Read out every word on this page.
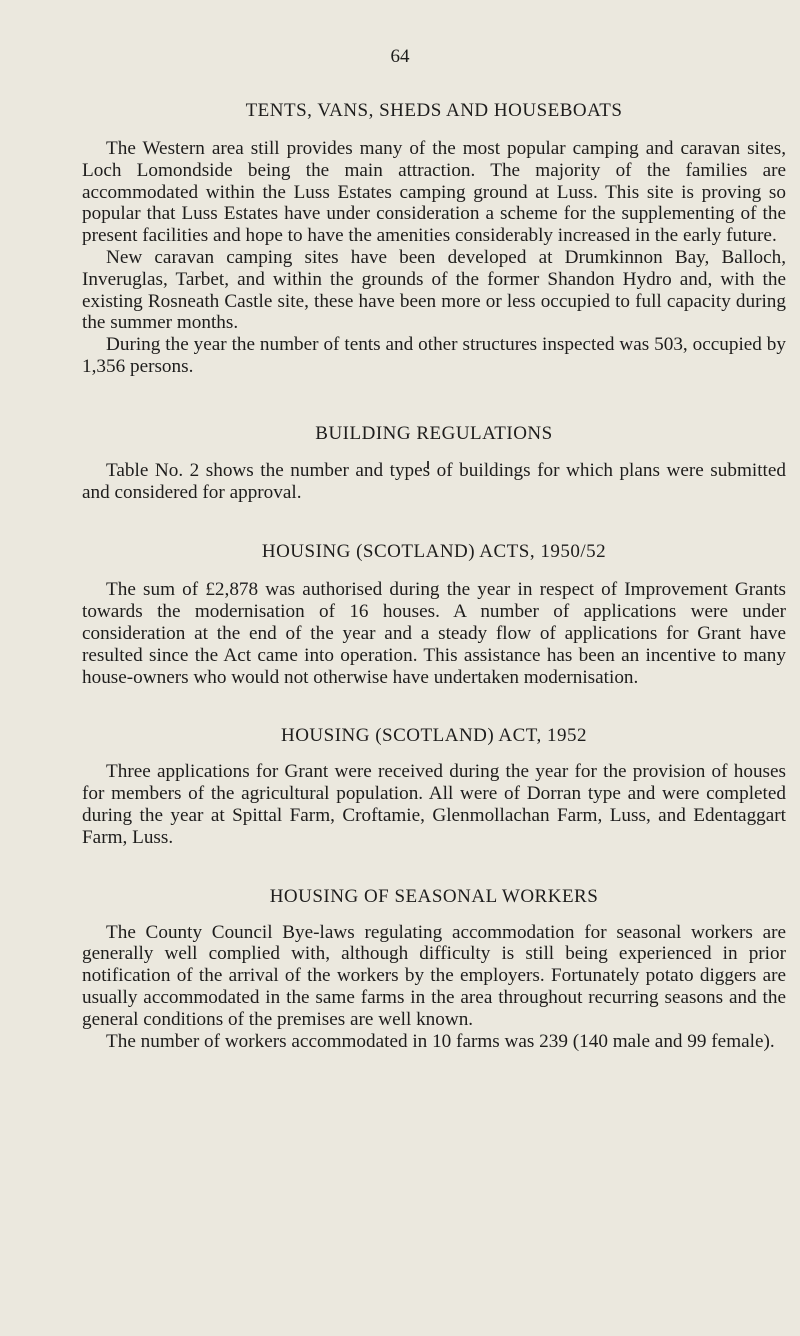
64
TENTS, VANS, SHEDS AND HOUSEBOATS

The Western area still provides many of the most popular camping and caravan sites, Loch Lomondside being the main attraction. The majority of the families are accommodated within the Luss Estates camping ground at Luss. This site is proving so popular that Luss Estates have under consideration a scheme for the supplementing of the present facilities and hope to have the amenities considerably increased in the early future.

New caravan camping sites have been developed at Drumkinnon Bay, Balloch, Inveruglas, Tarbet, and within the grounds of the former Shandon Hydro and, with the existing Rosneath Castle site, these have been more or less occupied to full capacity during the summer months.

During the year the number of tents and other structures inspected was 503, occupied by 1,356 persons.

BUILDING REGULATIONS

Table No. 2 shows the number and types of buildings for which plans were submitted and considered for approval.

HOUSING (SCOTLAND) ACTS, 1950/52

The sum of £2,878 was authorised during the year in respect of Improvement Grants towards the modernisation of 16 houses. A number of applications were under consideration at the end of the year and a steady flow of applications for Grant have resulted since the Act came into operation. This assistance has been an incentive to many house-owners who would not otherwise have undertaken modernisation.

HOUSING (SCOTLAND) ACT, 1952

Three applications for Grant were received during the year for the provision of houses for members of the agricultural population. All were of Dorran type and were completed during the year at Spittal Farm, Croftamie, Glenmollachan Farm, Luss, and Edentaggart Farm, Luss.

HOUSING OF SEASONAL WORKERS

The County Council Bye-laws regulating accommodation for seasonal workers are generally well complied with, although difficulty is still being experienced in prior notification of the arrival of the workers by the employers. Fortunately potato diggers are usually accommodated in the same farms in the area throughout recurring seasons and the general conditions of the premises are well known.

The number of workers accommodated in 10 farms was 239 (140 male and 99 female).
